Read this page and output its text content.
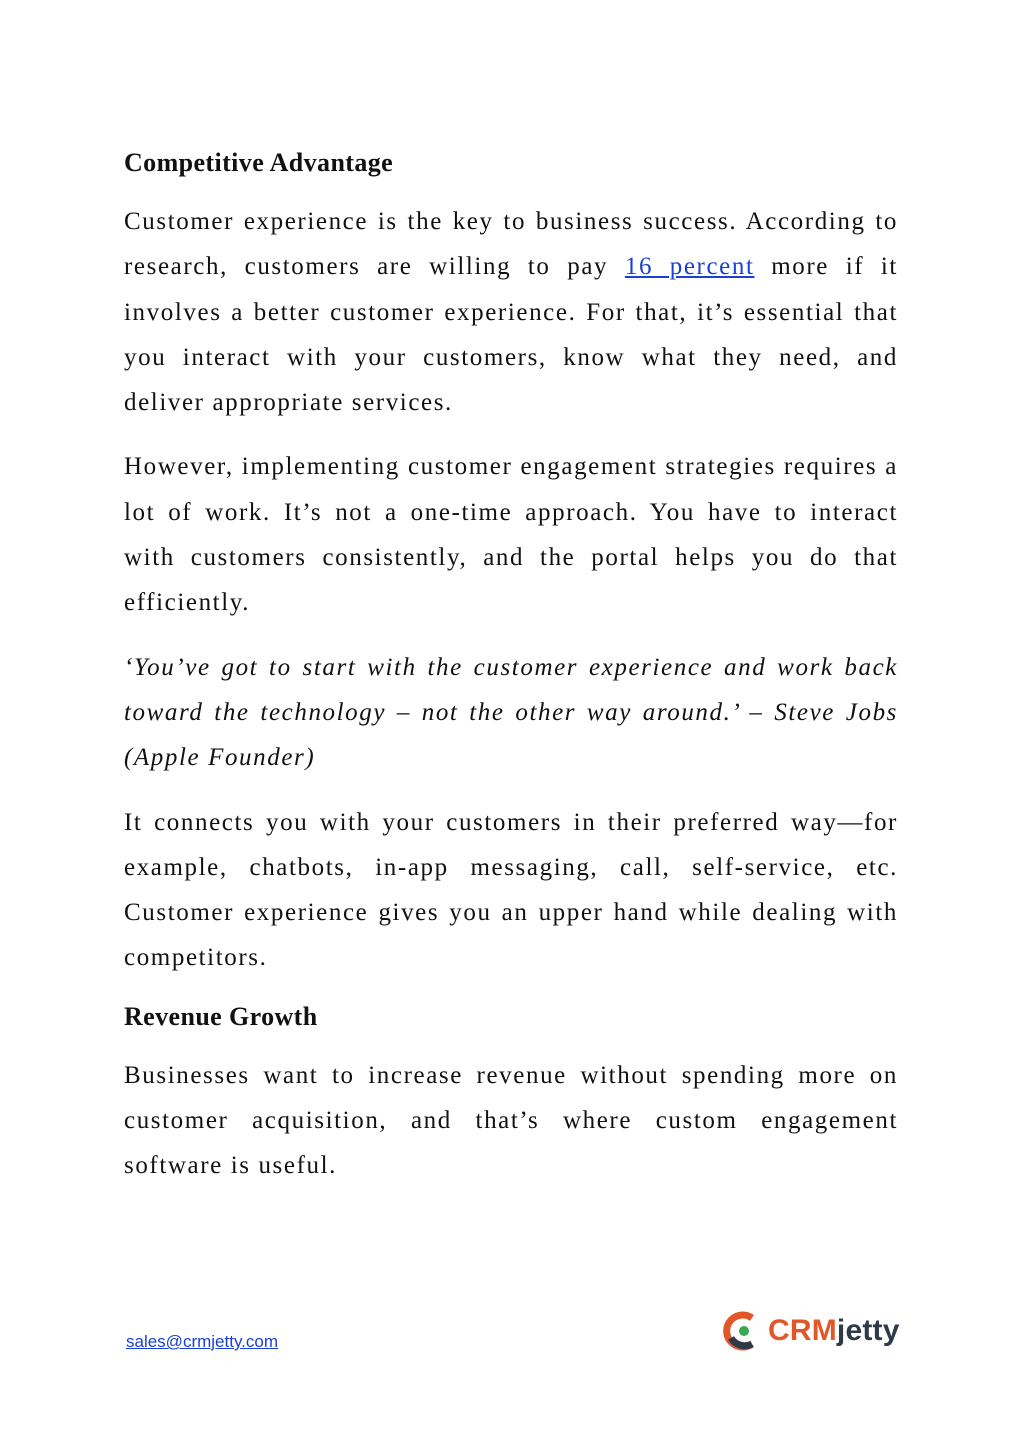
Competitive Advantage

Customer experience is the key to business success. According to research, customers are willing to pay 16 percent more if it involves a better customer experience. For that, it’s essential that you interact with your customers, know what they need, and deliver appropriate services.

However, implementing customer engagement strategies requires a lot of work. It’s not a one-time approach. You have to interact with customers consistently, and the portal helps you do that efficiently.

‘You’ve got to start with the customer experience and work back toward the technology – not the other way around.’ – Steve Jobs (Apple Founder)

It connects you with your customers in their preferred way—for example, chatbots, in-app messaging, call, self-service, etc. Customer experience gives you an upper hand while dealing with competitors.

Revenue Growth

Businesses want to increase revenue without spending more on customer acquisition, and that’s where custom engagement software is useful.

sales@crmjetty.com	CRMjetty
